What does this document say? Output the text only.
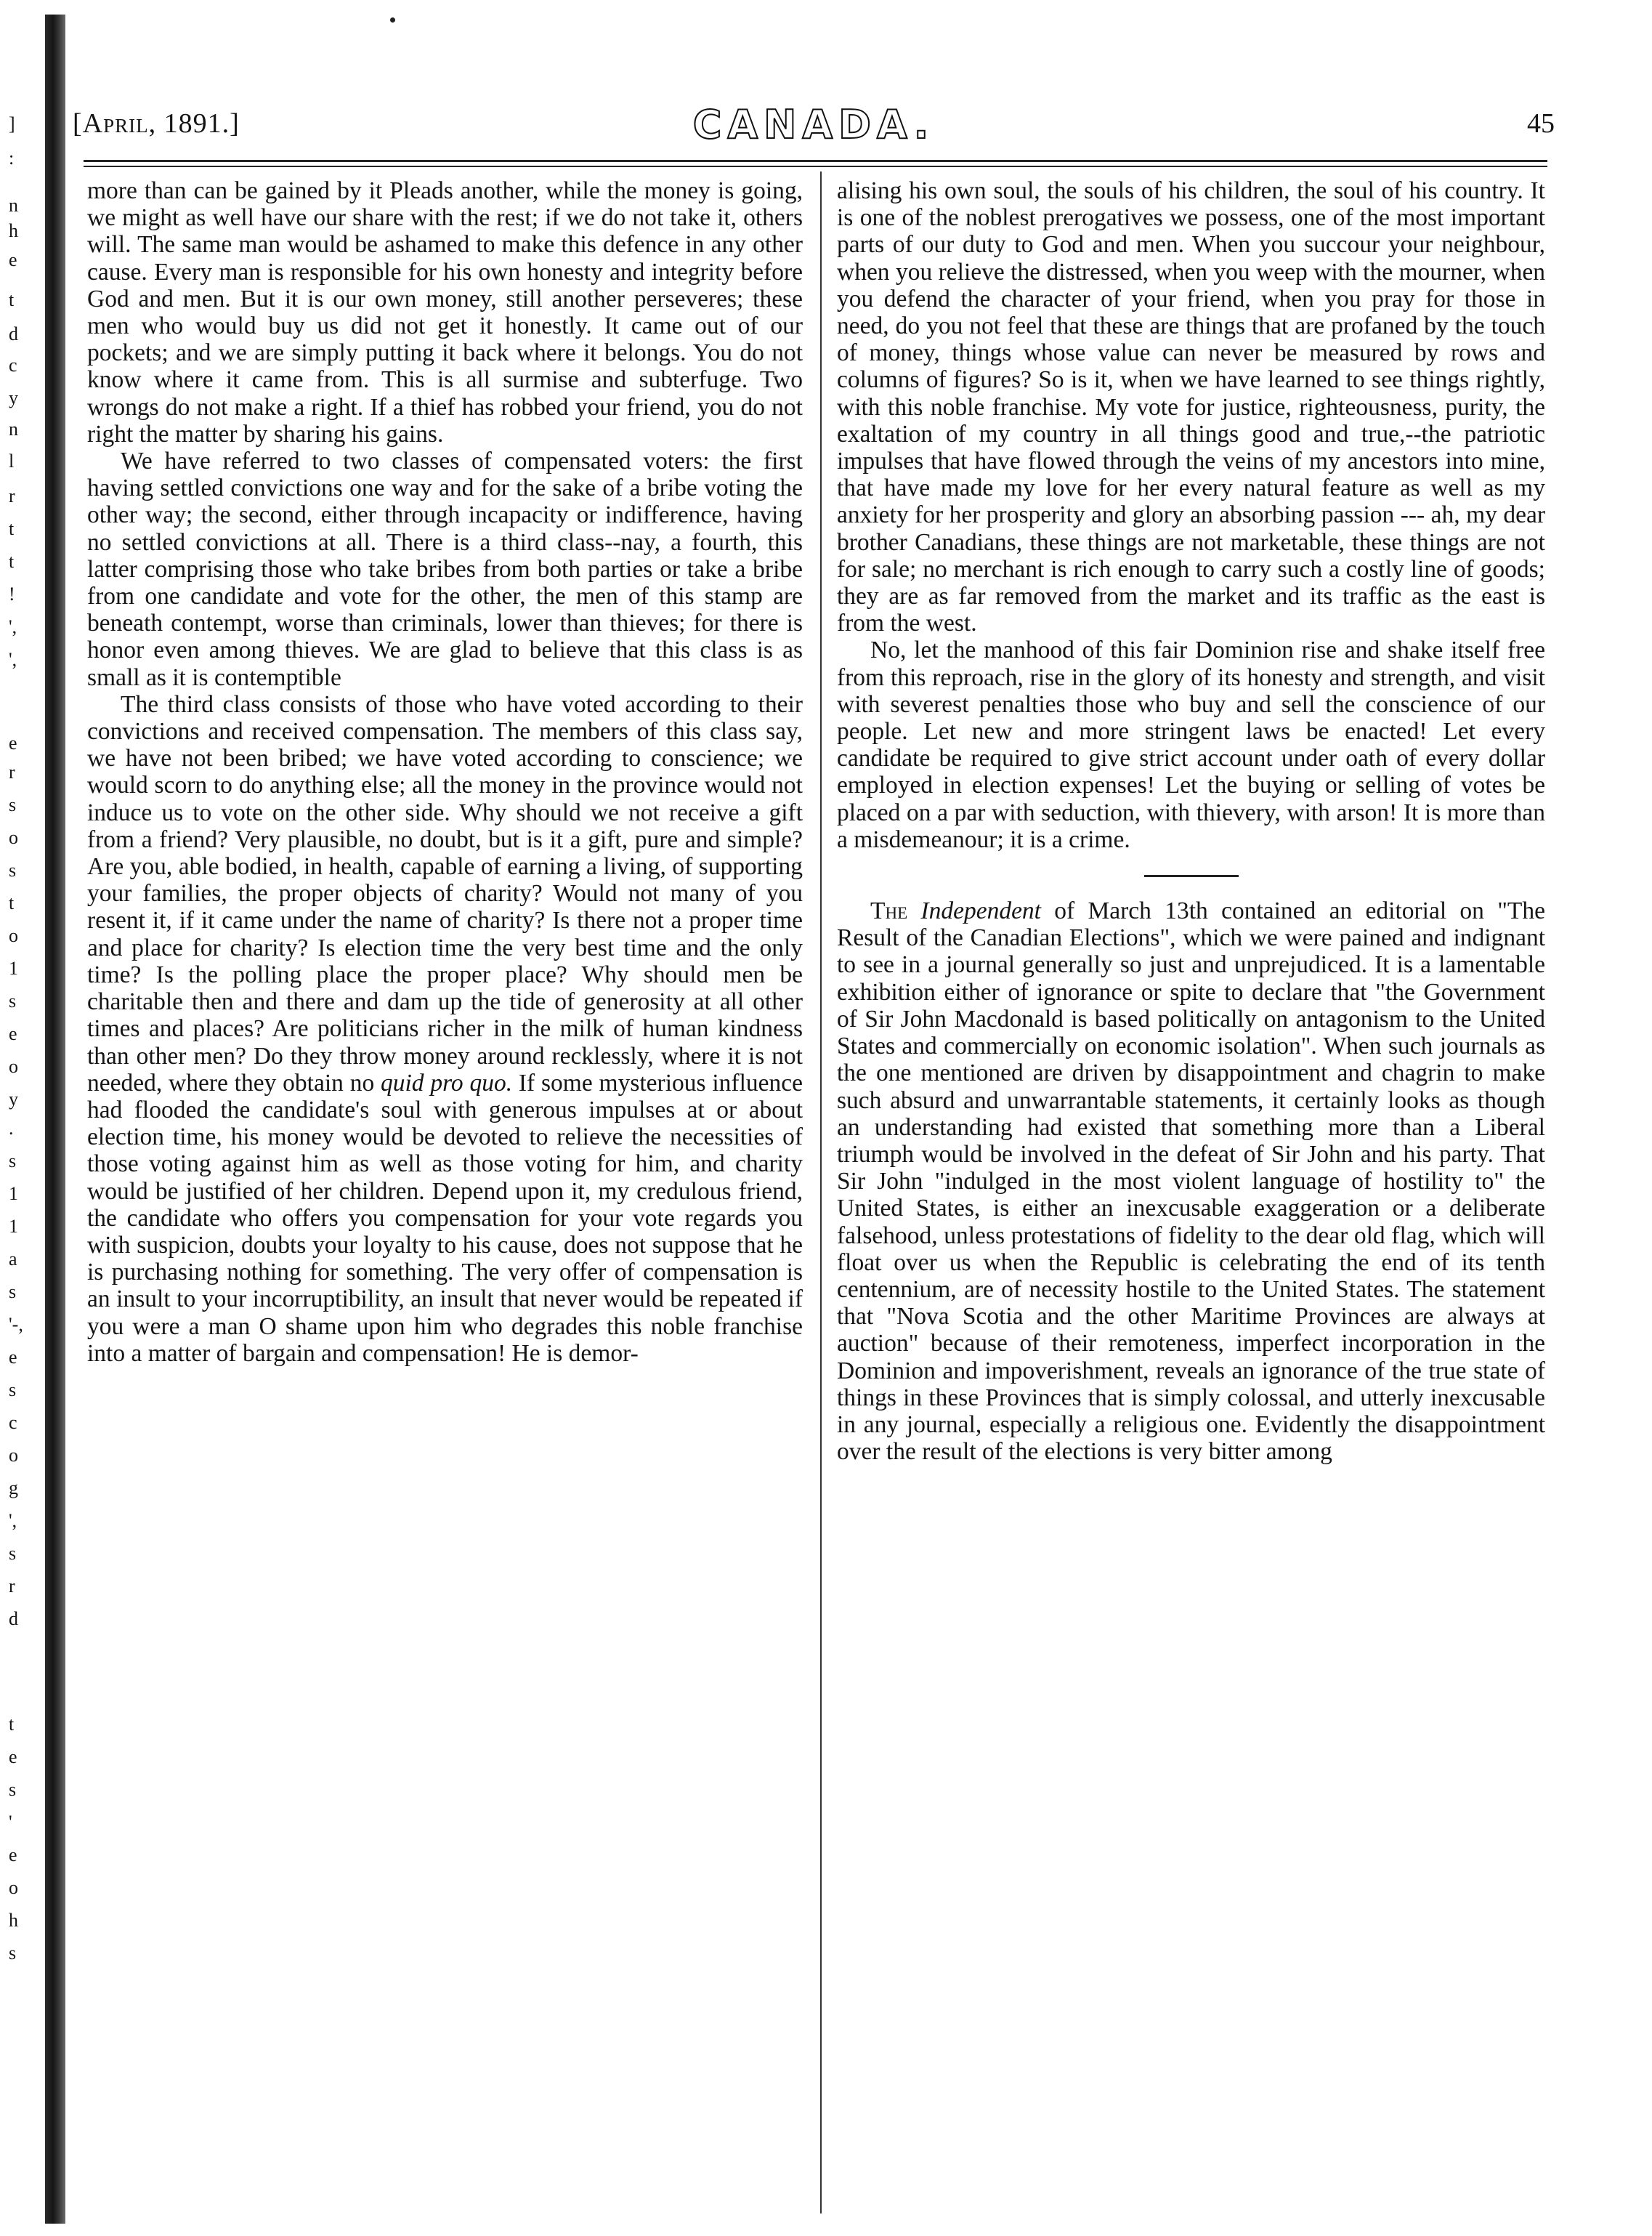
]
:
n
h
e
t
d
c
y
n
l
r
t
t
!
',
',
e
r
s
o
s
t
o
1
s
e
o
y
.
s
1
1
a
s
'-,
e
s
c
o
g
',
s
r
d
t
e
s
'
e
o
h
s
[April, 1891.]	CANADA.	45

more than can be gained by it Pleads another, while the money is going, we might as well have our share with the rest; if we do not take it, others will. The same man would be ashamed to make this defence in any other cause. Every man is responsible for his own honesty and integrity before God and men. But it is our own money, still another perseveres; these men who would buy us did not get it honestly. It came out of our pockets; and we are simply putting it back where it belongs. You do not know where it came from. This is all surmise and subterfuge. Two wrongs do not make a right. If a thief has robbed your friend, you do not right the matter by sharing his gains.

We have referred to two classes of compensated voters: the first having settled convictions one way and for the sake of a bribe voting the other way; the second, either through incapacity or indifference, having no settled convictions at all. There is a third class--nay, a fourth, this latter comprising those who take bribes from both parties or take a bribe from one candidate and vote for the other, the men of this stamp are beneath contempt, worse than criminals, lower than thieves; for there is honor even among thieves. We are glad to believe that this class is as small as it is contemptible

The third class consists of those who have voted according to their convictions and received compensation. The members of this class say, we have not been bribed; we have voted according to conscience; we would scorn to do anything else; all the money in the province would not induce us to vote on the other side. Why should we not receive a gift from a friend? Very plausible, no doubt, but is it a gift, pure and simple? Are you, able bodied, in health, capable of earning a living, of supporting your families, the proper objects of charity? Would not many of you resent it, if it came under the name of charity? Is there not a proper time and place for charity? Is election time the very best time and the only time? Is the polling place the proper place? Why should men be charitable then and there and dam up the tide of generosity at all other times and places? Are politicians richer in the milk of human kindness than other men? Do they throw money around recklessly, where it is not needed, where they obtain no quid pro quo. If some mysterious influence had flooded the candidate's soul with generous impulses at or about election time, his money would be devoted to relieve the necessities of those voting against him as well as those voting for him, and charity would be justified of her children. Depend upon it, my credulous friend, the candidate who offers you compensation for your vote regards you with suspicion, doubts your loyalty to his cause, does not suppose that he is purchasing nothing for something. The very offer of compensation is an insult to your incorruptibility, an insult that never would be repeated if you were a man O shame upon him who degrades this noble franchise into a matter of bargain and compensation! He is demor-

alising his own soul, the souls of his children, the soul of his country. It is one of the noblest prerogatives we possess, one of the most important parts of our duty to God and men. When you succour your neighbour, when you relieve the distressed, when you weep with the mourner, when you defend the character of your friend, when you pray for those in need, do you not feel that these are things that are profaned by the touch of money, things whose value can never be measured by rows and columns of figures? So is it, when we have learned to see things rightly, with this noble franchise. My vote for justice, righteousness, purity, the exaltation of my country in all things good and true,--the patriotic impulses that have flowed through the veins of my ancestors into mine, that have made my love for her every natural feature as well as my anxiety for her prosperity and glory an absorbing passion --- ah, my dear brother Canadians, these things are not marketable, these things are not for sale; no merchant is rich enough to carry such a costly line of goods; they are as far removed from the market and its traffic as the east is from the west.

No, let the manhood of this fair Dominion rise and shake itself free from this reproach, rise in the glory of its honesty and strength, and visit with severest penalties those who buy and sell the conscience of our people. Let new and more stringent laws be enacted! Let every candidate be required to give strict account under oath of every dollar employed in election expenses! Let the buying or selling of votes be placed on a par with seduction, with thievery, with arson! It is more than a misdemeanour; it is a crime.

The Independent of March 13th contained an editorial on "The Result of the Canadian Elections", which we were pained and indignant to see in a journal generally so just and unprejudiced. It is a lamentable exhibition either of ignorance or spite to declare that "the Government of Sir John Macdonald is based politically on antagonism to the United States and commercially on economic isolation". When such journals as the one mentioned are driven by disappointment and chagrin to make such absurd and unwarrantable statements, it certainly looks as though an understanding had existed that something more than a Liberal triumph would be involved in the defeat of Sir John and his party. That Sir John "indulged in the most violent language of hostility to" the United States, is either an inexcusable exaggeration or a deliberate falsehood, unless protestations of fidelity to the dear old flag, which will float over us when the Republic is celebrating the end of its tenth centennium, are of necessity hostile to the United States. The statement that "Nova Scotia and the other Maritime Provinces are always at auction" because of their remoteness, imperfect incorporation in the Dominion and impoverishment, reveals an ignorance of the true state of things in these Provinces that is simply colossal, and utterly inexcusable in any journal, especially a religious one. Evidently the disappointment over the result of the elections is very bitter among
